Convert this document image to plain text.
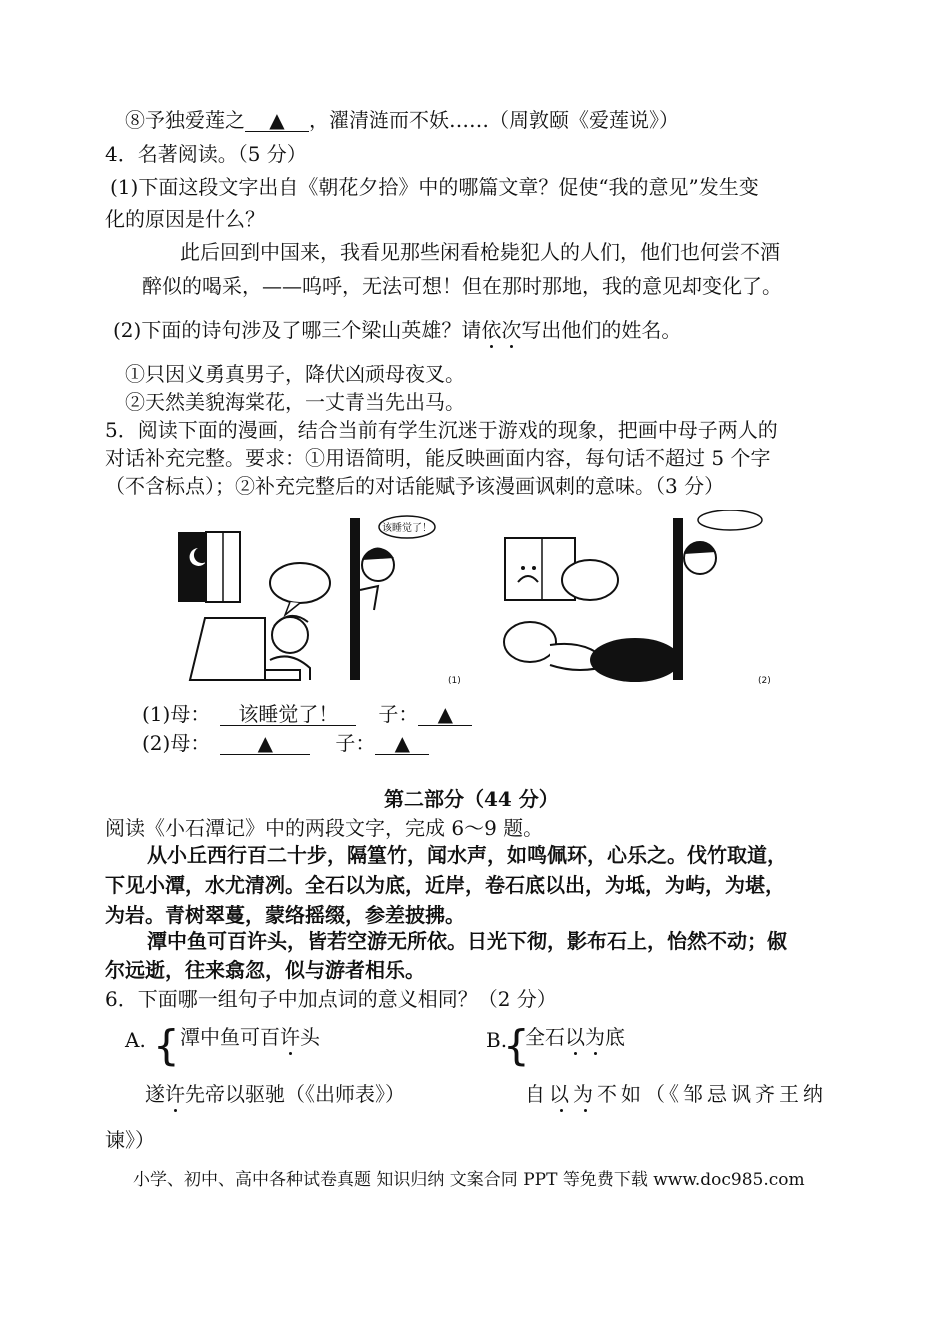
⑧予独爱莲之 ▲ ，濯清涟而不妖……（周敦颐《爱莲说》）
4．名著阅读。（5 分）
(1)下面这段文字出自《朝花夕拾》中的哪篇文章？促使“我的意见”发生变
化的原因是什么？
此后回到中国来，我看见那些闲看枪毙犯人的人们，他们也何尝不酒
醉似的喝采，——呜呼，无法可想！但在那时那地，我的意见却变化了。
(2)下面的诗句涉及了哪三个梁山英雄？请依次写出他们的姓名。
①只因义勇真男子，降伏凶顽母夜叉。
②天然美貌海棠花，一丈青当先出马。
5．阅读下面的漫画，结合当前有学生沉迷于游戏的现象，把画中母子两人的
对话补充完整。要求：①用语简明，能反映画面内容，每句话不超过 5 个字
（不含标点）；②补充完整后的对话能赋予该漫画讽刺的意味。（3 分）
该睡觉了！
(1)	(2)
(1)母： 该睡觉了！ 子： ▲
(2)母： ▲	子： ▲
第二部分（44 分）
阅读《小石潭记》中的两段文字，完成 6～9 题。
从小丘西行百二十步，隔篁竹，闻水声，如鸣佩环，心乐之。伐竹取道，
下见小潭，水尤清冽。全石以为底，近岸，卷石底以出，为坻，为屿，为堪，
为岩。青树翠蔓，蒙络摇缀，参差披拂。
潭中鱼可百许头，皆若空游无所依。日光下彻，影布石上，怡然不动；俶
尔远逝，往来翕忽，似与游者相乐。
6．下面哪一组句子中加点词的意义相同？（2 分）
A. { 潭中鱼可百许头
遂许先帝以驱驰（《出师表》）
B.
{
全石以为底
自以为不如（《邹忌讽齐王纳
谏》）
小学、初中、高中各种试卷真题 知识归纳 文案合同 PPT 等免费下载 www.doc985.com
